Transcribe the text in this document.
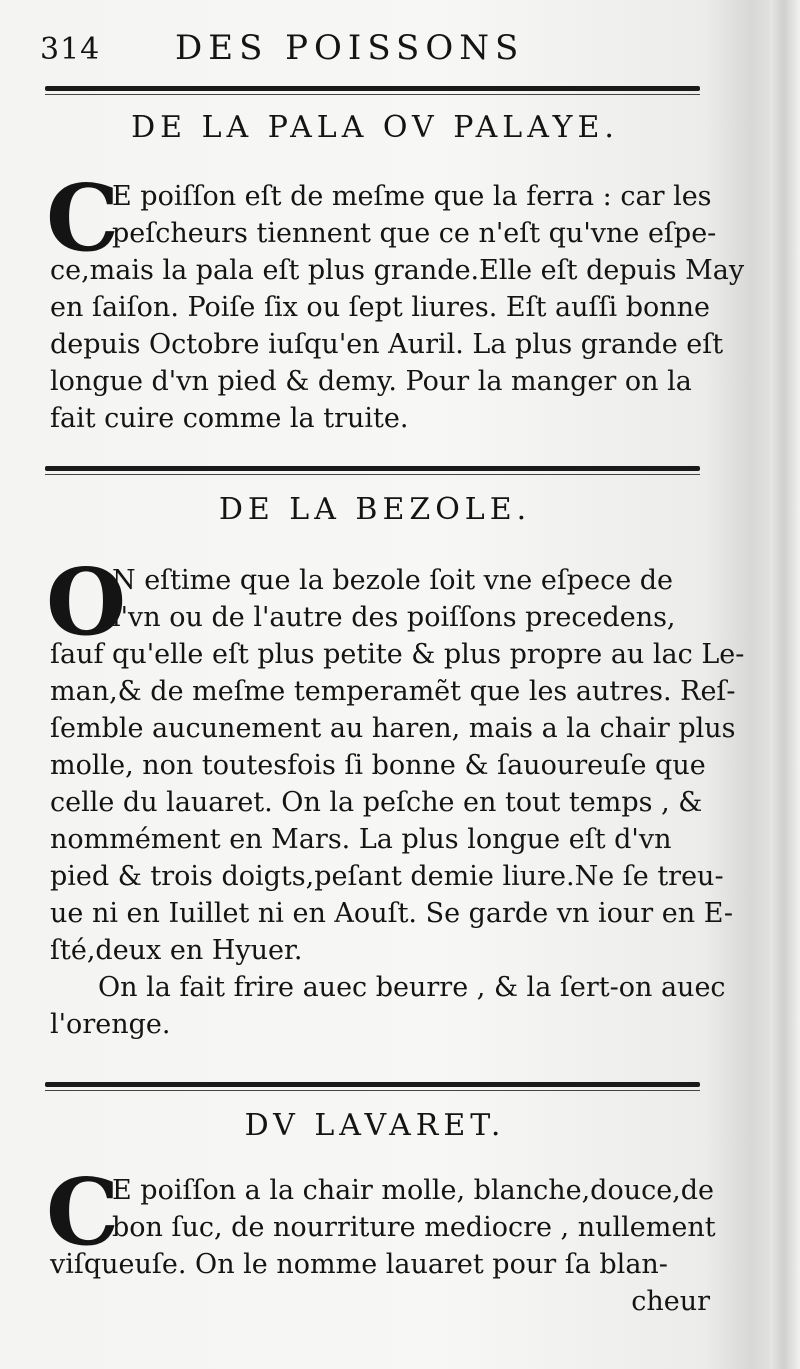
314 DES POISSONS
DE LA PALA OV PALAYE.
C
E poiſſon eſt de meſme que la ferra : car les
peſcheurs tiennent que ce n'eſt qu'vne eſpe-
ce,mais la pala eſt plus grande.Elle eſt depuis May
en ſaiſon. Poiſe ſix ou ſept liures. Eſt auſſi bonne
depuis Octobre iuſqu'en Auril. La plus grande eſt
longue d'vn pied & demy. Pour la manger on la
fait cuire comme la truite.
DE LA BEZOLE.
O
N eſtime que la bezole ſoit vne eſpece de
l'vn ou de l'autre des poiſſons precedens,
ſauf qu'elle eſt plus petite & plus propre au lac Le-
man,& de meſme temperamẽt que les autres. Reſ-
ſemble aucunement au haren, mais a la chair plus
molle, non toutesfois ſi bonne & ſauoureuſe que
celle du lauaret. On la peſche en tout temps , &
nommément en Mars. La plus longue eſt d'vn
pied & trois doigts,peſant demie liure.Ne ſe treu-
ue ni en Iuillet ni en Aouſt. Se garde vn iour en E-
ſté,deux en Hyuer.
On la fait frire auec beurre , & la ſert-on auec
l'orenge.
DV LAVARET.
C
E poiſſon a la chair molle, blanche,douce,de
bon ſuc, de nourriture mediocre , nullement
viſqueuſe. On le nomme lauaret pour ſa blan-
cheur
